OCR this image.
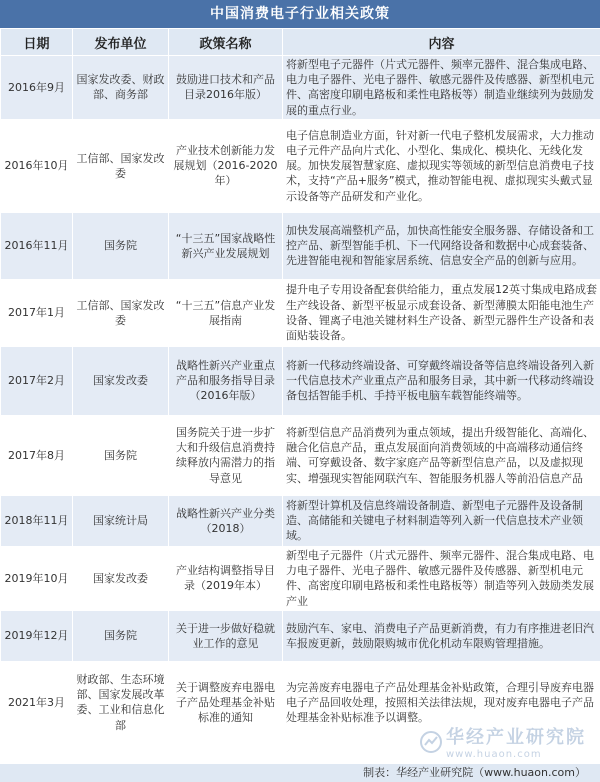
中国消费电子行业相关政策
日期	发布单位	政策名称	内容
2016年9月	国家发改委、财政部、商务部	鼓励进口技术和产品目录2016年版）	将新型电子元器件（片式元器件、频率元器件、混合集成电路、电力电子器件、光电子器件、敏感元器件及传感器、新型机电元件、高密度印刷电路板和柔性电路板等）制造业继续列为鼓励发展的重点行业。
2016年10月	工信部、国家发改委	产业技术创新能力发展规划（2016-2020年）	电子信息制造业方面，针对新一代电子整机发展需求，大力推动电子元件产品向片式化、小型化、集成化、模块化、无线化发展。加快发展智慧家庭、虚拟现实等领域的新型信息消费电子技术，支持“产品+服务”模式，推动智能电视、虚拟现实头戴式显示设备等产品研发和产业化。
2016年11月	国务院	“十三五”国家战略性新兴产业发展规划	加快发展高端整机产品，加快高性能安全服务器、存储设备和工控产品、新型智能手机、下一代网络设备和数据中心成套装备、先进智能电视和智能家居系统、信息安全产品的创新与应用。
2017年1月	工信部、国家发改委	“十三五”信息产业发展指南	提升电子专用设备配套供给能力，重点发展12英寸集成电路成套生产线设备、新型平板显示成套设备、新型薄膜太阳能电池生产设备、锂离子电池关键材料生产设备、新型元器件生产设备和表面贴装设备。
2017年2月	国家发改委	战略性新兴产业重点产品和服务指导目录（2016年版）	将新一代移动终端设备、可穿戴终端设备等信息终端设备列入新一代信息技术产业重点产品和服务目录，其中新一代移动终端设备包括智能手机、手持平板电脑车载智能终端等。
2017年8月	国务院	国务院关于进一步扩大和升级信息消费持续释放内需潜力的指导意见	将新型信息产品消费列为重点领域，提出升级智能化、高端化、融合化信息产品，重点发展面向消费领域的中高端移动通信终端、可穿戴设备、数字家庭产品等新型信息产品，以及虚拟现实、增强现实智能网联汽车、智能服务机器人等前沿信息产品
2018年11月	国家统计局	战略性新兴产业分类（2018）	将新型计算机及信息终端设备制造、新型电子元器件及设备制造、高储能和关键电子材料制造等列入新一代信息技术产业领域。
2019年10月	国家发改委	产业结构调整指导目录（2019年本）	新型电子元器件（片式元器件、频率元器件、混合集成电路、电力电子器件、光电子器件、敏感元器件及传感器、新型机电元件、高密度印刷电路板和柔性电路板等）制造等列入鼓励类发展产业
2019年12月	国务院	关于进一步做好稳就业工作的意见	鼓励汽车、家电、消费电子产品更新消费，有力有序推进老旧汽车报废更新，鼓励限购城市优化机动车限购管理措施。
2021年3月	财政部、生态环境部、国家发展改革委、工业和信息化部	关于调整废弃电器电子产品处理基金补贴标准的通知	为完善废弃电器电子产品处理基金补贴政策，合理引导废弃电器电子产品回收处理，按照相关法律法规，现对废弃电器电子产品处理基金补贴标准予以调整。
华经产业研究院
www.huaon.com
制表：华经产业研究院（www.huaon.com）
